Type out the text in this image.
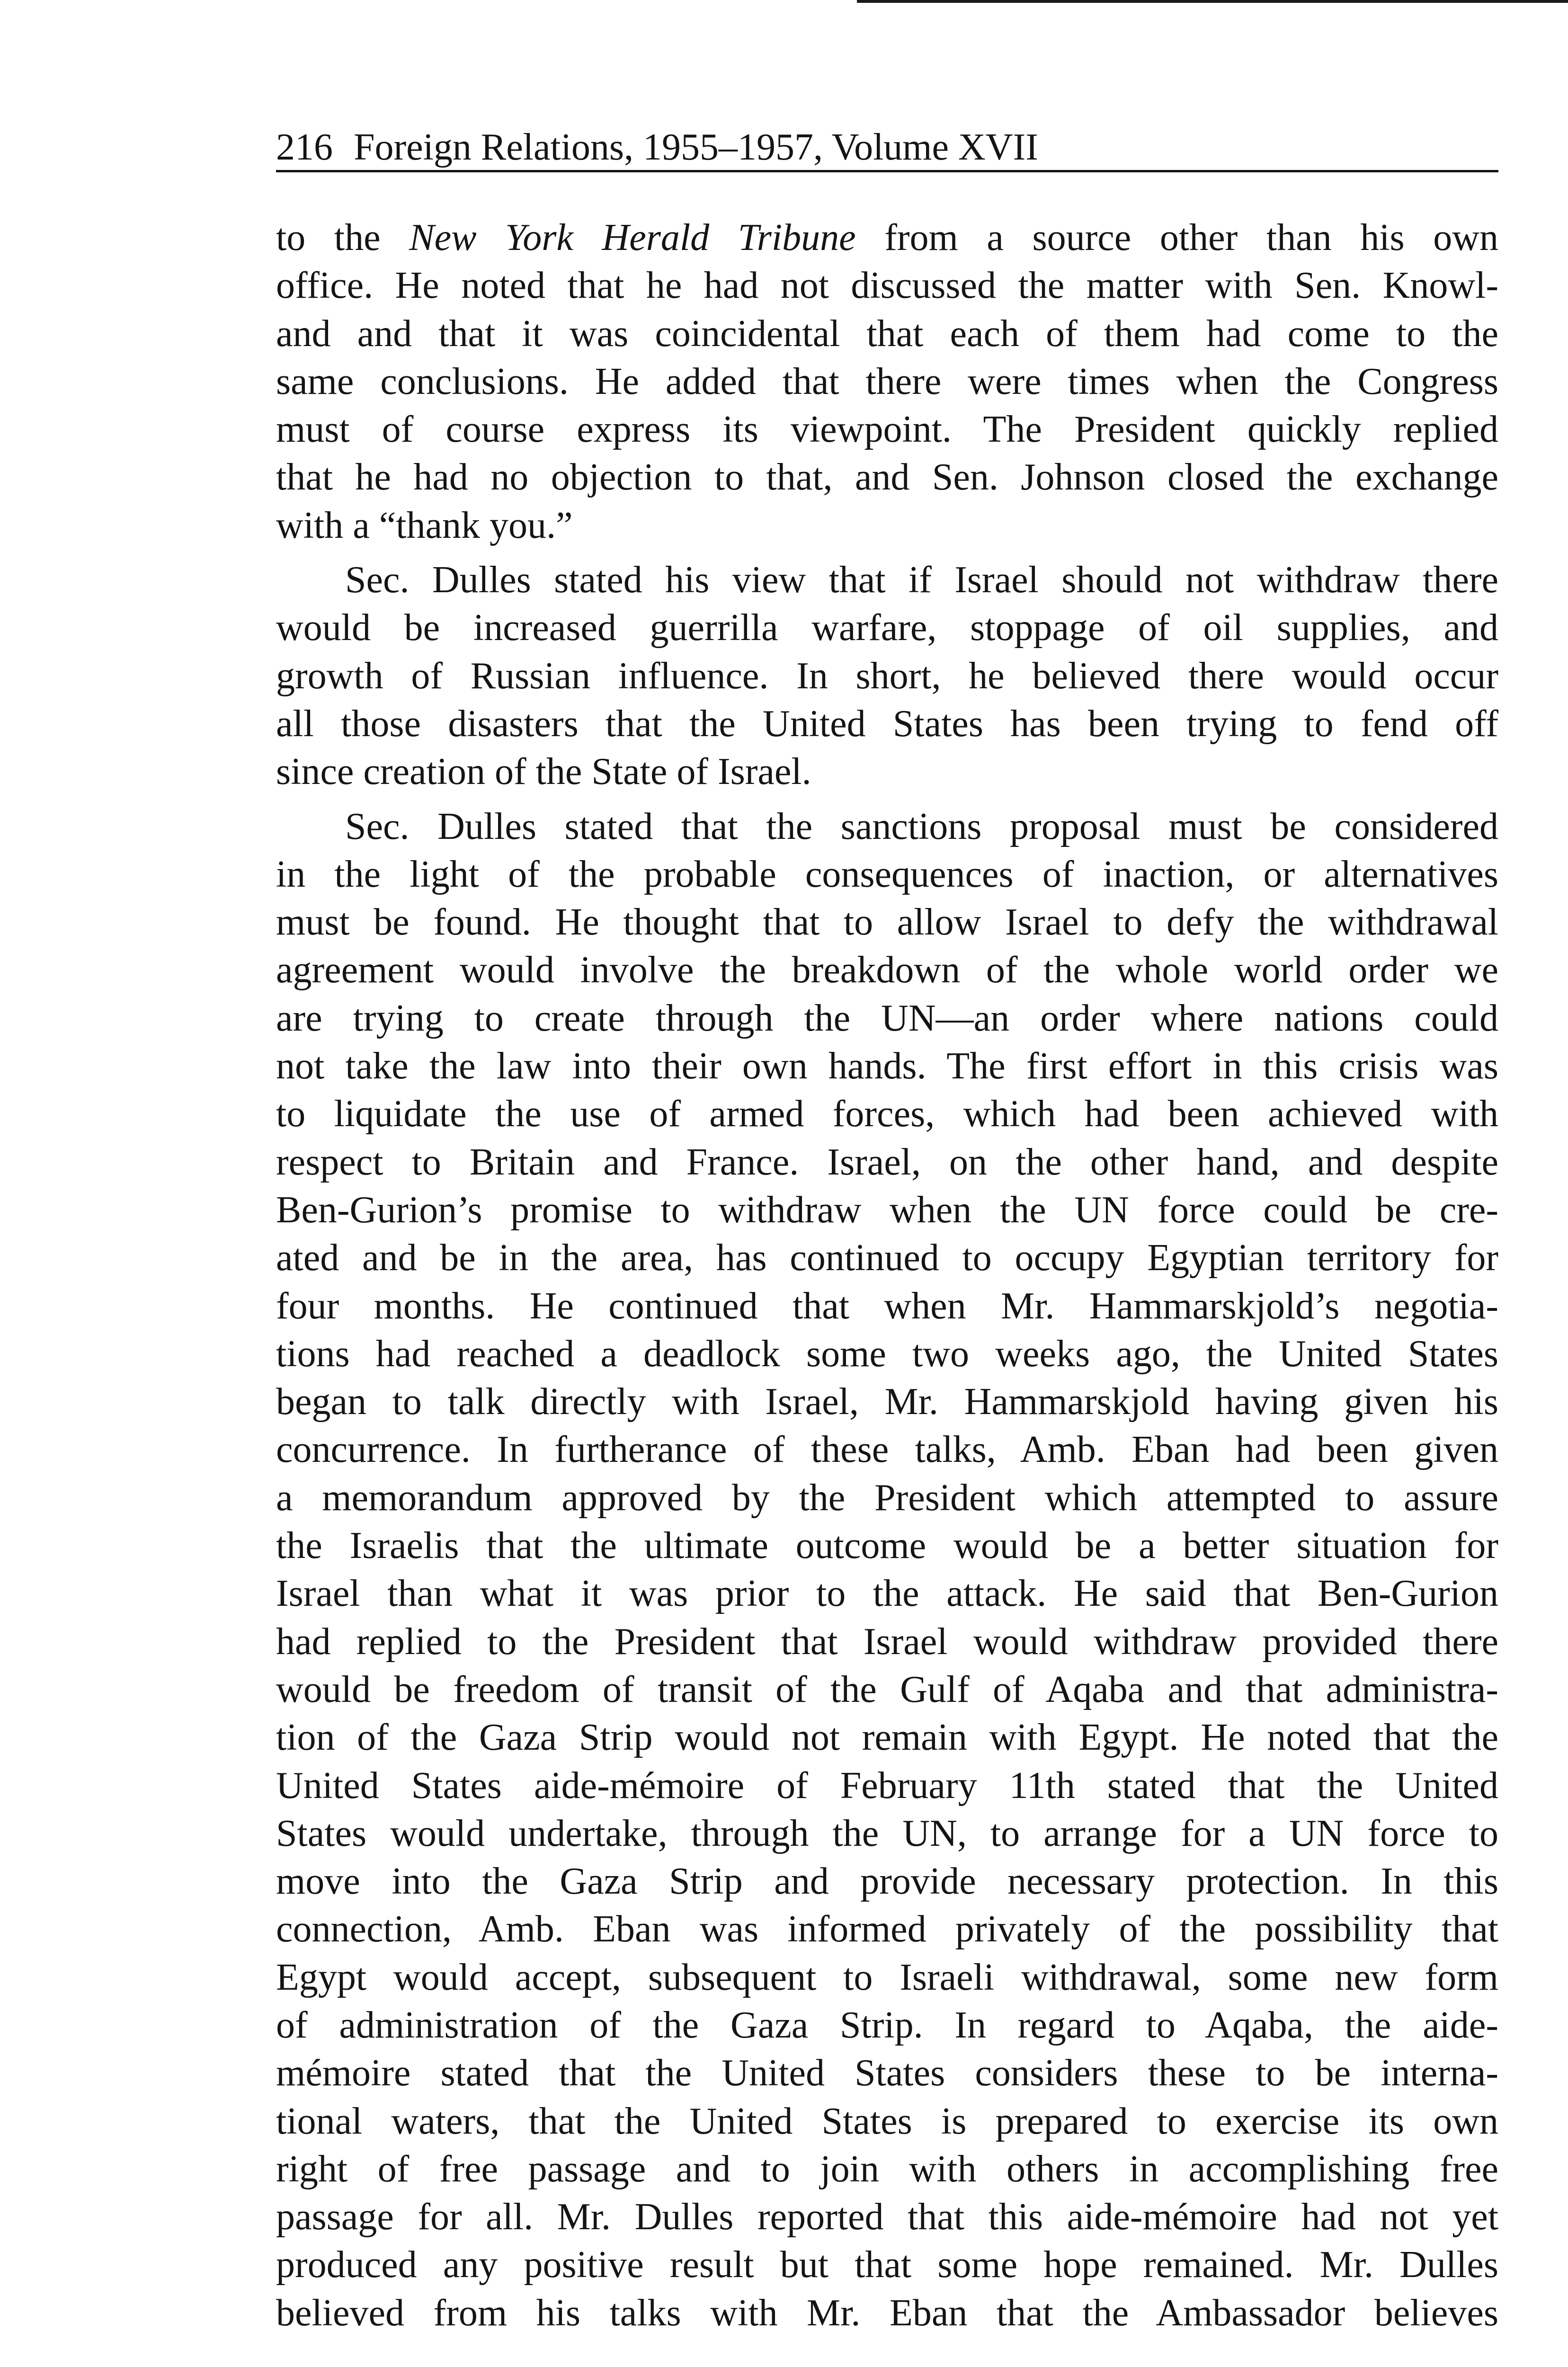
216 Foreign Relations, 1955–1957, Volume XVII
to the New York Herald Tribune from a source other than his own
office. He noted that he had not discussed the matter with Sen. Knowl-
and and that it was coincidental that each of them had come to the
same conclusions. He added that there were times when the Congress
must of course express its viewpoint. The President quickly replied
that he had no objection to that, and Sen. Johnson closed the exchange
with a “thank you.”
Sec. Dulles stated his view that if Israel should not withdraw there
would be increased guerrilla warfare, stoppage of oil supplies, and
growth of Russian influence. In short, he believed there would occur
all those disasters that the United States has been trying to fend off
since creation of the State of Israel.
Sec. Dulles stated that the sanctions proposal must be considered
in the light of the probable consequences of inaction, or alternatives
must be found. He thought that to allow Israel to defy the withdrawal
agreement would involve the breakdown of the whole world order we
are trying to create through the UN—an order where nations could
not take the law into their own hands. The first effort in this crisis was
to liquidate the use of armed forces, which had been achieved with
respect to Britain and France. Israel, on the other hand, and despite
Ben-Gurion’s promise to withdraw when the UN force could be cre-
ated and be in the area, has continued to occupy Egyptian territory for
four months. He continued that when Mr. Hammarskjold’s negotia-
tions had reached a deadlock some two weeks ago, the United States
began to talk directly with Israel, Mr. Hammarskjold having given his
concurrence. In furtherance of these talks, Amb. Eban had been given
a memorandum approved by the President which attempted to assure
the Israelis that the ultimate outcome would be a better situation for
Israel than what it was prior to the attack. He said that Ben-Gurion
had replied to the President that Israel would withdraw provided there
would be freedom of transit of the Gulf of Aqaba and that administra-
tion of the Gaza Strip would not remain with Egypt. He noted that the
United States aide-mémoire of February 11th stated that the United
States would undertake, through the UN, to arrange for a UN force to
move into the Gaza Strip and provide necessary protection. In this
connection, Amb. Eban was informed privately of the possibility that
Egypt would accept, subsequent to Israeli withdrawal, some new form
of administration of the Gaza Strip. In regard to Aqaba, the aide-
mémoire stated that the United States considers these to be interna-
tional waters, that the United States is prepared to exercise its own
right of free passage and to join with others in accomplishing free
passage for all. Mr. Dulles reported that this aide-mémoire had not yet
produced any positive result but that some hope remained. Mr. Dulles
believed from his talks with Mr. Eban that the Ambassador believes
